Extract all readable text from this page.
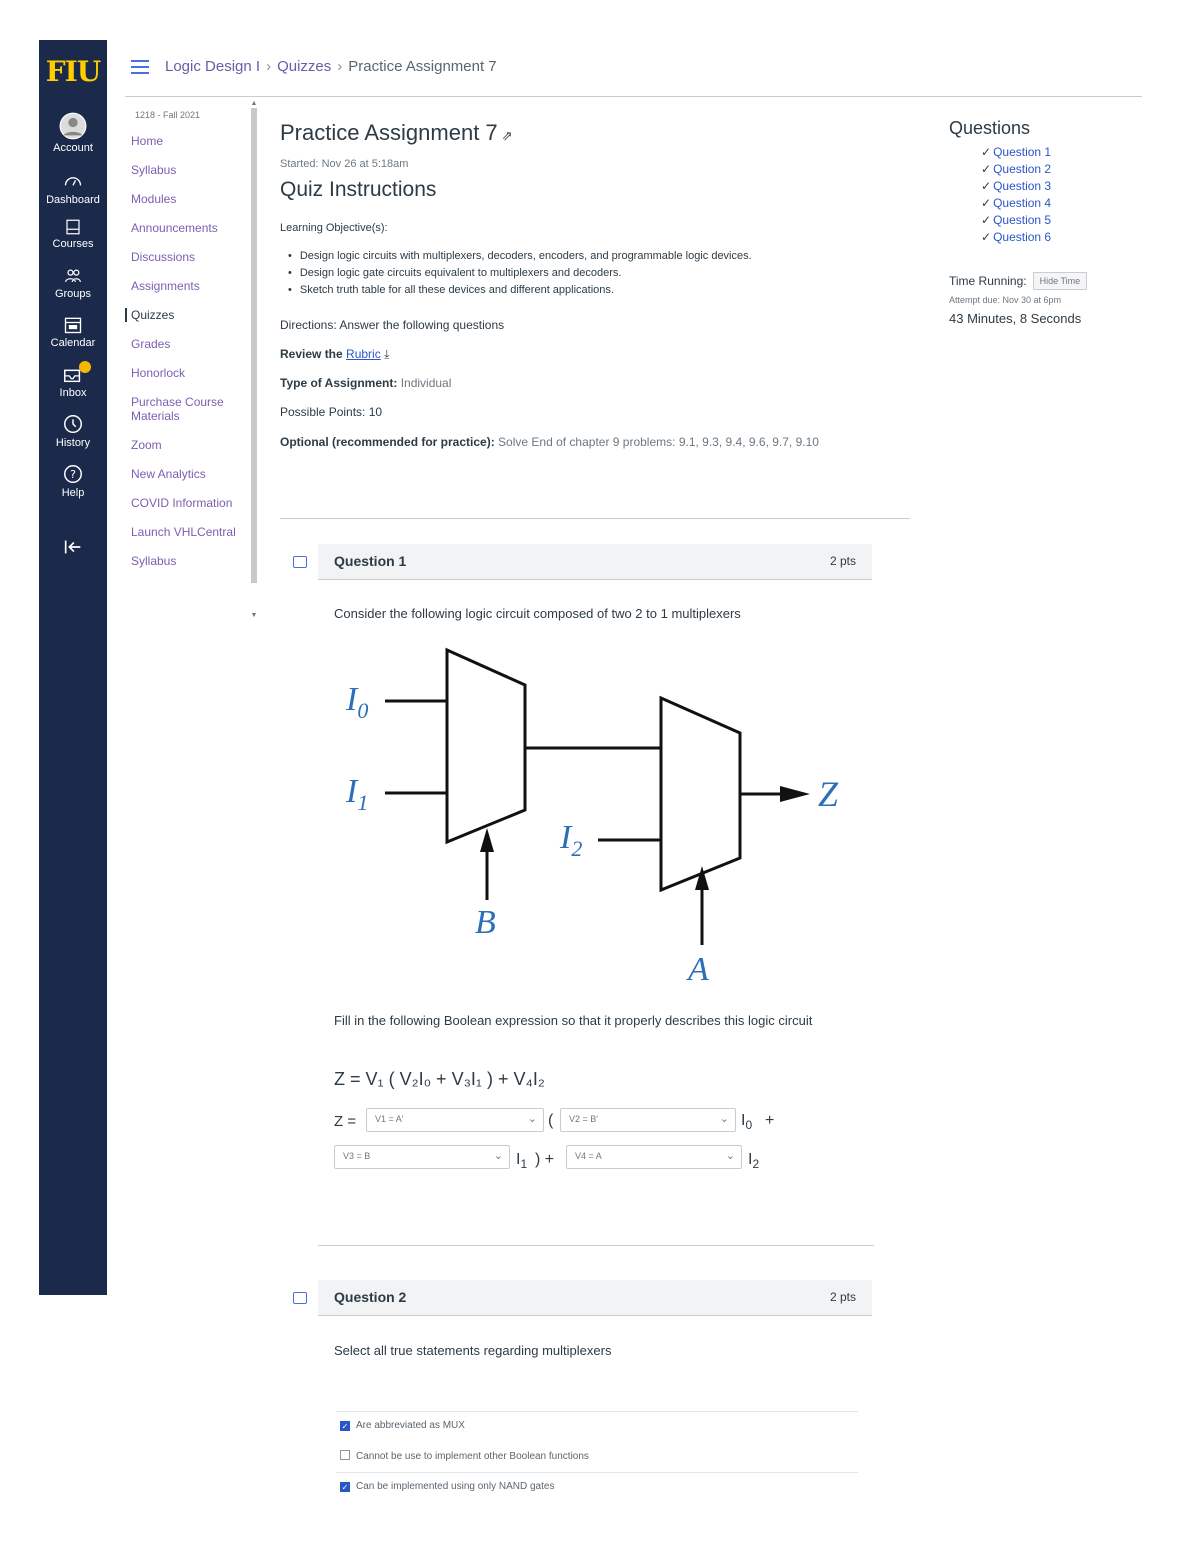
FIU
Account
Dashboard
Courses
Groups
Calendar
Inbox
History
?
Help
Logic Design I › Quizzes › Practice Assignment 7
1218 - Fall 2021
Home
Syllabus
Modules
Announcements
Discussions
Assignments
Quizzes
Grades
Honorlock
Purchase Course Materials
Zoom
New Analytics
COVID Information
Launch VHLCentral
Syllabus
▲
▼
Practice Assignment 7 ⇗
Started: Nov 26 at 5:18am
Quiz Instructions
Learning Objective(s):
• Design logic circuits with multiplexers, decoders, encoders, and programmable logic devices.
• Design logic gate circuits equivalent to multiplexers and decoders.
• Sketch truth table for all these devices and different applications.
Directions: Answer the following questions
Review the Rubric ⤓
Type of Assignment: Individual
Possible Points: 10
Optional (recommended for practice): Solve End of chapter 9 problems: 9.1, 9.3, 9.4, 9.6, 9.7, 9.10
Question 1	2 pts
Consider the following logic circuit composed of two 2 to 1 multiplexers
$I_0$
$I_1$
$I_2$
B
A
Z
Fill in the following Boolean expression so that it properly describes this logic circuit
Z = V₁ ( V₂I₀ + V₃I₁ ) + V₄I₂
Z =	V1 = A'	⌄ (	V2 = B'	⌄ $I_0$ +
V3 = B	⌄ $I_1$ ) +	V4 = A	⌄ $I_2$
Question 2	2 pts
Select all true statements regarding multiplexers
✓ Are abbreviated as MUX
Cannot be use to implement other Boolean functions
✓ Can be implemented using only NAND gates
Questions
✓ Question 1
✓ Question 2
✓ Question 3
✓ Question 4
✓ Question 5
✓ Question 6
Time Running: Hide Time
Attempt due: Nov 30 at 6pm
43 Minutes, 8 Seconds
